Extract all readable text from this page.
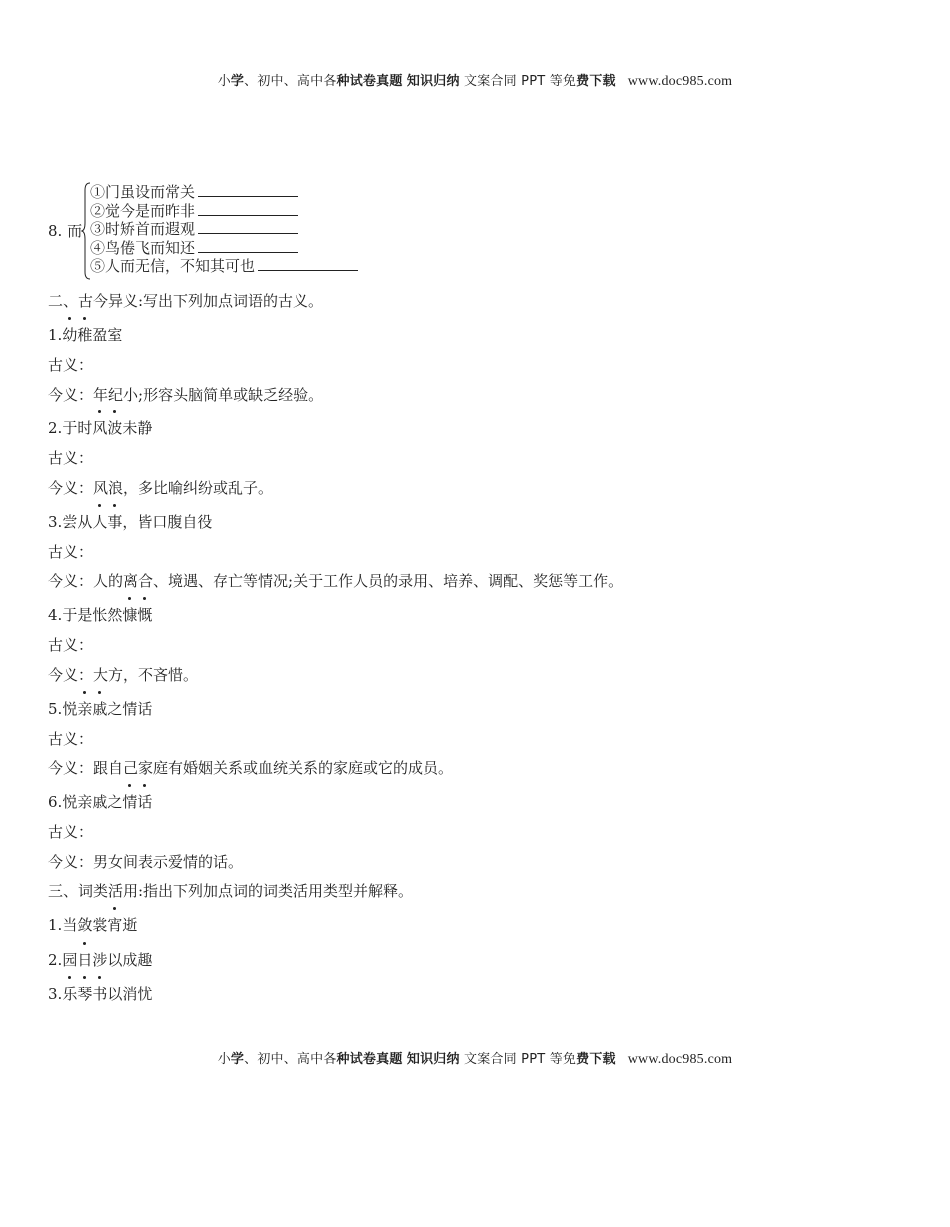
小学、初中、高中各种试卷真题 知识归纳 文案合同 PPT 等免费下载 www.doc985.com
8. 而
①门虽设而常关
②觉今是而昨非
③时矫首而遐观
④鸟倦飞而知还
⑤人而无信，不知其可也
二、古今异义:写出下列加点词语的古义。
1.幼稚盈室
古义：
今义：年纪小;形容头脑简单或缺乏经验。
2.于时风波未静
古义：
今义：风浪，多比喻纠纷或乱子。
3.尝从人事，皆口腹自役
古义：
今义：人的离合、境遇、存亡等情况;关于工作人员的录用、培养、调配、奖惩等工作。
4.于是怅然慷慨
古义：
今义：大方，不吝惜。
5.悦亲戚之情话
古义：
今义：跟自己家庭有婚姻关系或血统关系的家庭或它的成员。
6.悦亲戚之情话
古义：
今义：男女间表示爱情的话。
三、词类活用:指出下列加点词的词类活用类型并解释。
1.当敛裳宵逝
2.园日涉以成趣
3.乐琴书以消忧
小学、初中、高中各种试卷真题 知识归纳 文案合同 PPT 等免费下载 www.doc985.com
